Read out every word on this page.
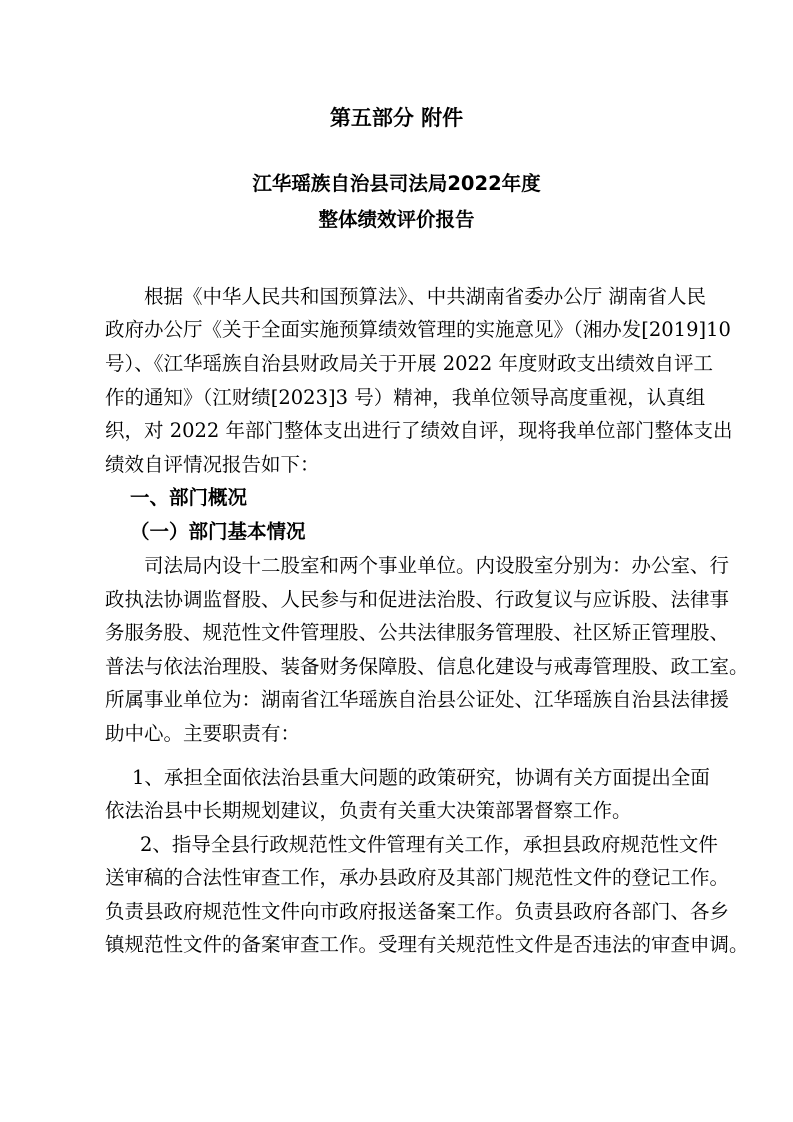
第五部分 附件
江华瑶族自治县司法局2022年度
整体绩效评价报告
根据《中华人民共和国预算法》、中共湖南省委办公厅 湖南省人民
政府办公厅《关于全面实施预算绩效管理的实施意见》（湘办发[2019]10
号）、《江华瑶族自治县财政局关于开展 2022 年度财政支出绩效自评工
作的通知》（江财绩[2023]3 号）精神，我单位领导高度重视，认真组
织，对 2022 年部门整体支出进行了绩效自评，现将我单位部门整体支出
绩效自评情况报告如下：
一、部门概况
（一）部门基本情况
司法局内设十二股室和两个事业单位。内设股室分别为：办公室、行
政执法协调监督股、人民参与和促进法治股、行政复议与应诉股、法律事
务服务股、规范性文件管理股、公共法律服务管理股、社区矫正管理股、
普法与依法治理股、装备财务保障股、信息化建设与戒毒管理股、政工室。
所属事业单位为：湖南省江华瑶族自治县公证处、江华瑶族自治县法律援
助中心。主要职责有：
1、承担全面依法治县重大问题的政策研究，协调有关方面提出全面
依法治县中长期规划建议，负责有关重大决策部署督察工作。
2、指导全县行政规范性文件管理有关工作，承担县政府规范性文件
送审稿的合法性审查工作，承办县政府及其部门规范性文件的登记工作。
负责县政府规范性文件向市政府报送备案工作。负责县政府各部门、各乡
镇规范性文件的备案审查工作。受理有关规范性文件是否违法的审查申调。
